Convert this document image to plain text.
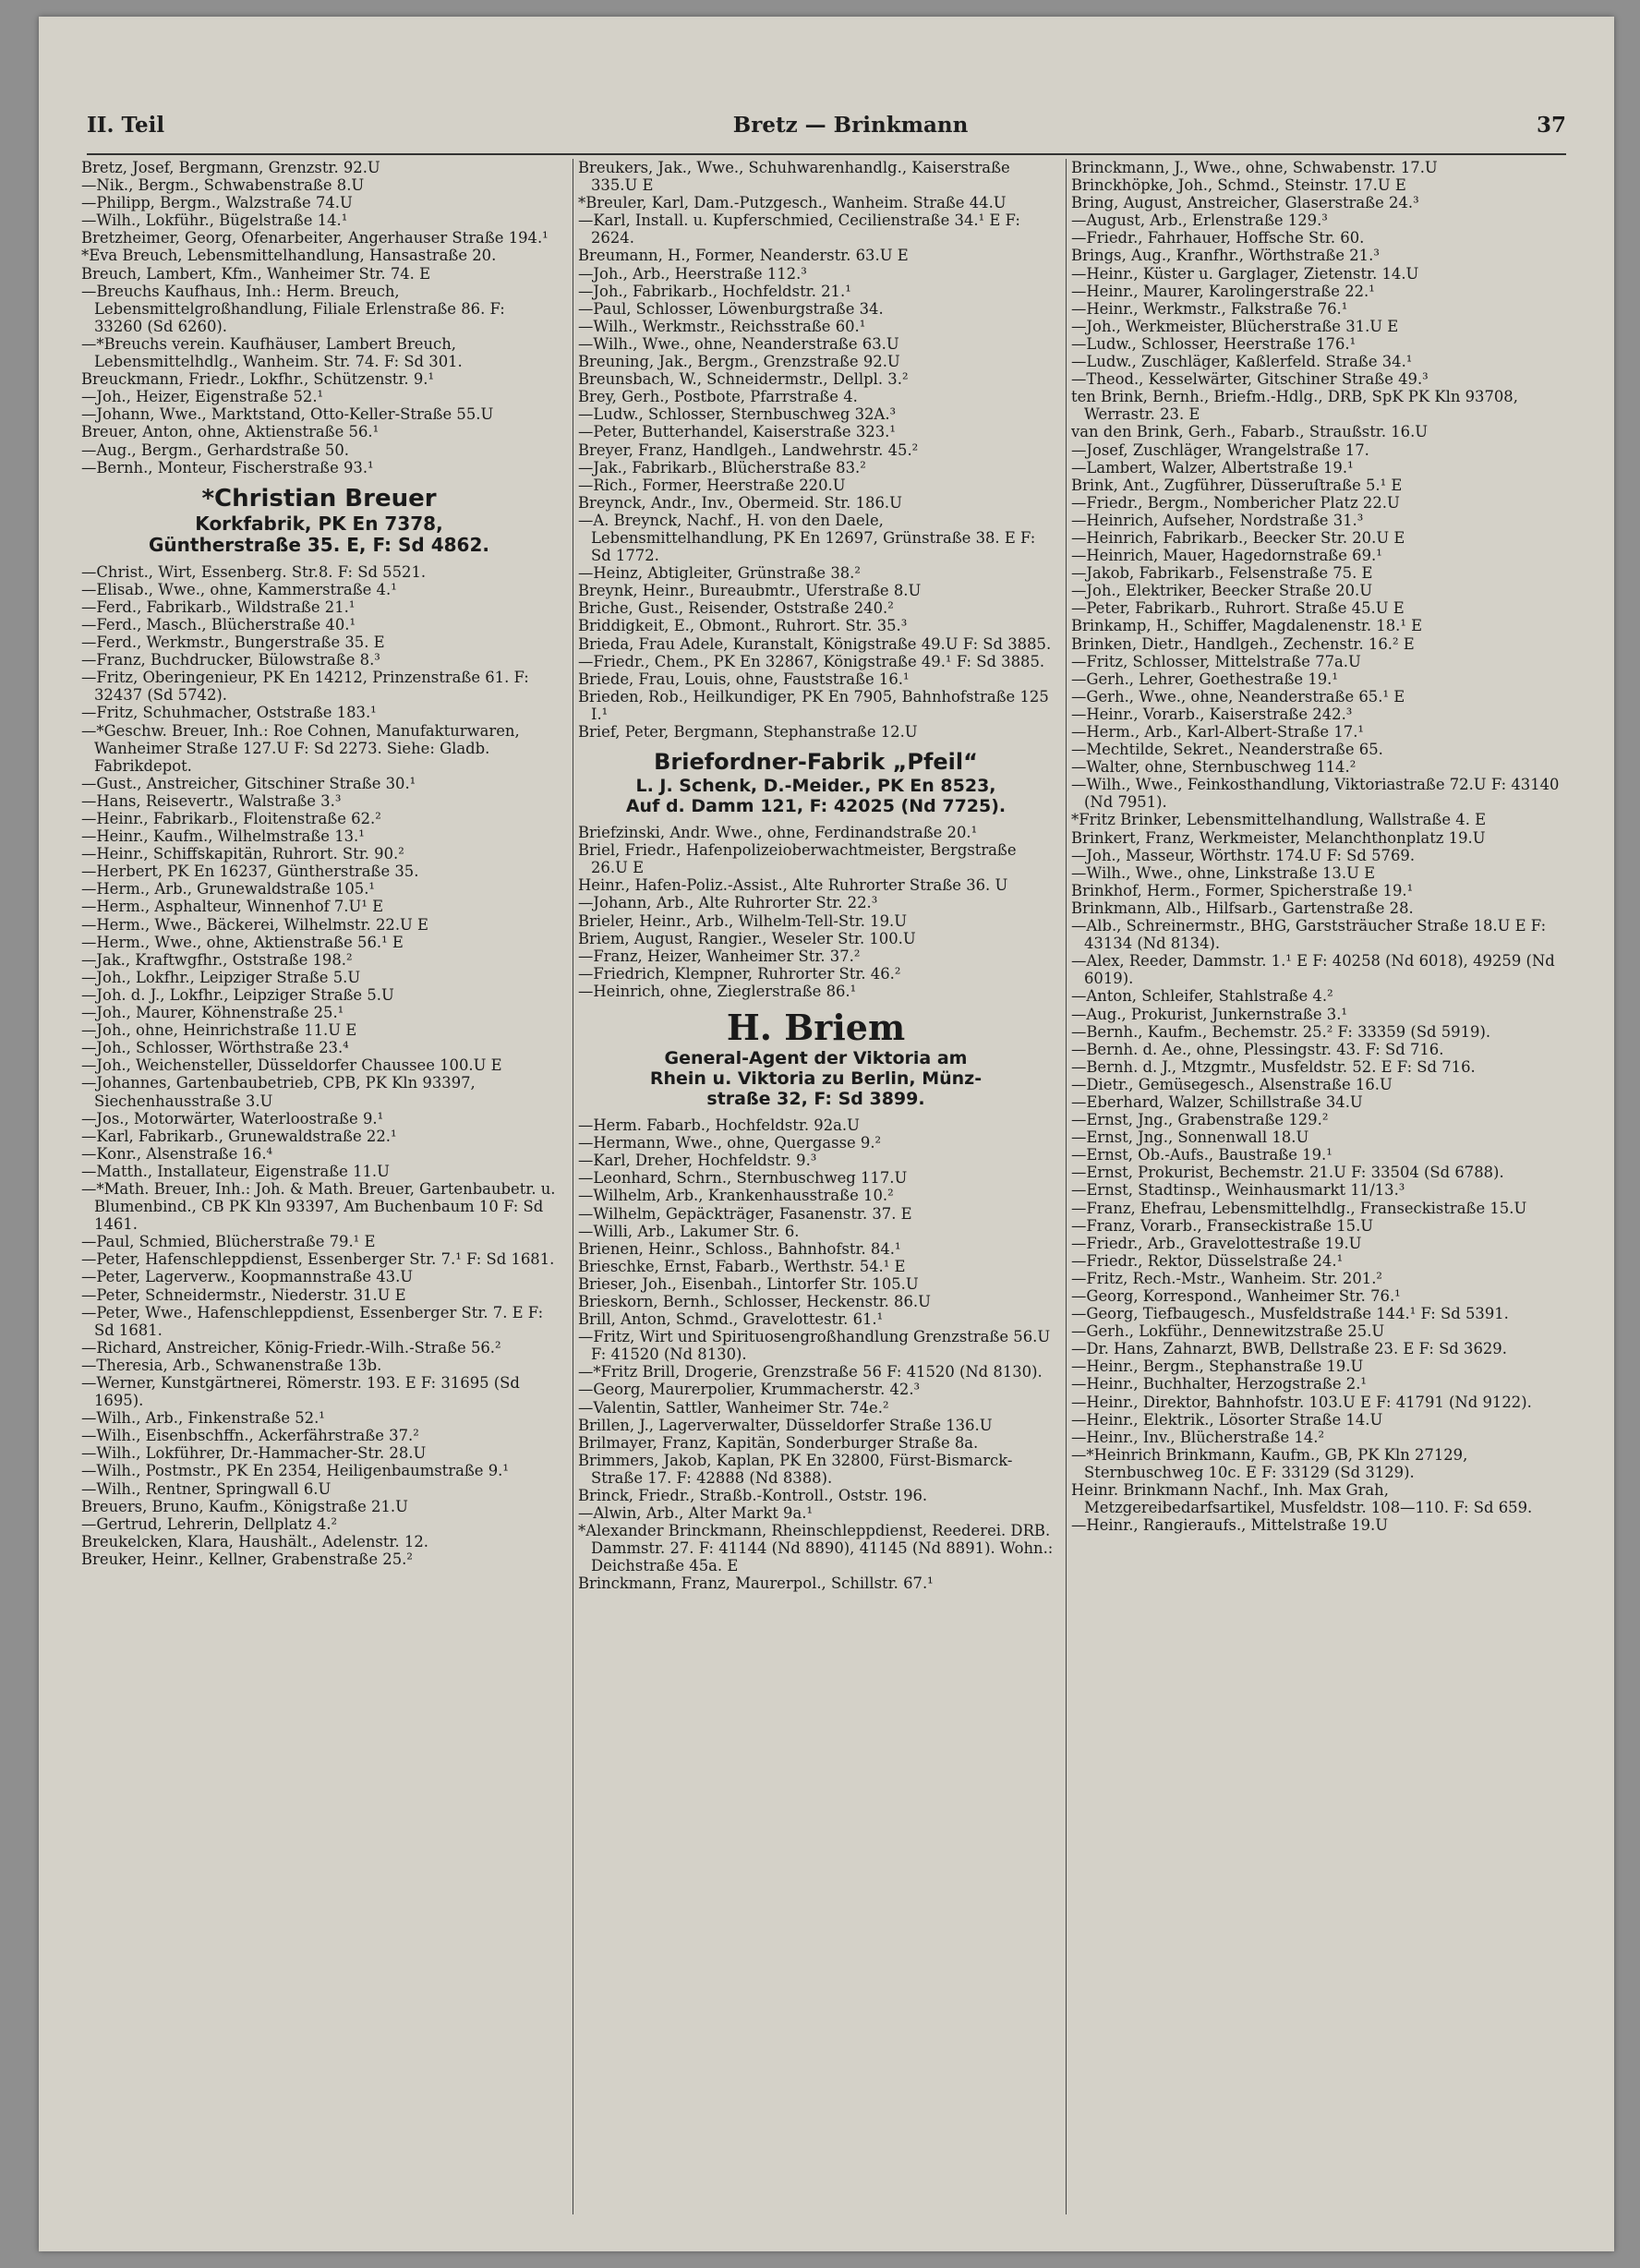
II. Teil	Bretz — Brinkmann	37

Bretz, Josef, Bergmann, Grenzstr. 92.U

—Nik., Bergm., Schwabenstraße 8.U

—Philipp, Bergm., Walzstraße 74.U

—Wilh., Lokführ., Bügelstraße 14.¹

Bretzheimer, Georg, Ofenarbeiter, Angerhauser Straße 194.¹

*Eva Breuch, Lebensmittelhandlung, Hansastraße 20.

Breuch, Lambert, Kfm., Wanheimer Str. 74. E

—Breuchs Kaufhaus, Inh.: Herm. Breuch, Lebensmittelgroßhandlung, Filiale Erlenstraße 86. F: 33260 (Sd 6260).

—*Breuchs verein. Kaufhäuser, Lambert Breuch, Lebensmittelhdlg., Wanheim. Str. 74. F: Sd 301.

Breuckmann, Friedr., Lokfhr., Schützenstr. 9.¹

—Joh., Heizer, Eigenstraße 52.¹

—Johann, Wwe., Marktstand, Otto-Keller-Straße 55.U

Breuer, Anton, ohne, Aktienstraße 56.¹

—Aug., Bergm., Gerhardstraße 50.

—Bernh., Monteur, Fischerstraße 93.¹

*Christian Breuer
Korkfabrik, PK En 7378,
Güntherstraße 35. E, F: Sd 4862.

—Christ., Wirt, Essenberg. Str.8. F: Sd 5521.

—Elisab., Wwe., ohne, Kammerstraße 4.¹

—Ferd., Fabrikarb., Wildstraße 21.¹

—Ferd., Masch., Blücherstraße 40.¹

—Ferd., Werkmstr., Bungerstraße 35. E

—Franz, Buchdrucker, Bülowstraße 8.³

—Fritz, Oberingenieur, PK En 14212, Prinzenstraße 61. F: 32437 (Sd 5742).

—Fritz, Schuhmacher, Oststraße 183.¹

—*Geschw. Breuer, Inh.: Roe Cohnen, Manufakturwaren, Wanheimer Straße 127.U F: Sd 2273. Siehe: Gladb. Fabrikdepot.

—Gust., Anstreicher, Gitschiner Straße 30.¹

—Hans, Reisevertr., Walstraße 3.³

—Heinr., Fabrikarb., Floitenstraße 62.²

—Heinr., Kaufm., Wilhelmstraße 13.¹

—Heinr., Schiffskapitän, Ruhrort. Str. 90.²

—Herbert, PK En 16237, Güntherstraße 35.

—Herm., Arb., Grunewaldstraße 105.¹

—Herm., Asphalteur, Winnenhof 7.U¹ E

—Herm., Wwe., Bäckerei, Wilhelmstr. 22.U E

—Herm., Wwe., ohne, Aktienstraße 56.¹ E

—Jak., Kraftwgfhr., Oststraße 198.²

—Joh., Lokfhr., Leipziger Straße 5.U

—Joh. d. J., Lokfhr., Leipziger Straße 5.U

—Joh., Maurer, Köhnenstraße 25.¹

—Joh., ohne, Heinrichstraße 11.U E

—Joh., Schlosser, Wörthstraße 23.⁴

—Joh., Weichensteller, Düsseldorfer Chaussee 100.U E

—Johannes, Gartenbaubetrieb, CPB, PK Kln 93397, Siechenhausstraße 3.U

—Jos., Motorwärter, Waterloostraße 9.¹

—Karl, Fabrikarb., Grunewaldstraße 22.¹

—Konr., Alsenstraße 16.⁴

—Matth., Installateur, Eigenstraße 11.U

—*Math. Breuer, Inh.: Joh. & Math. Breuer, Gartenbaubetr. u. Blumenbind., CB PK Kln 93397, Am Buchenbaum 10 F: Sd 1461.

—Paul, Schmied, Blücherstraße 79.¹ E

—Peter, Hafenschleppdienst, Essenberger Str. 7.¹ F: Sd 1681.

—Peter, Lagerverw., Koopmannstraße 43.U

—Peter, Schneidermstr., Niederstr. 31.U E

—Peter, Wwe., Hafenschleppdienst, Essenberger Str. 7. E F: Sd 1681.

—Richard, Anstreicher, König-Friedr.-Wilh.-Straße 56.²

—Theresia, Arb., Schwanenstraße 13b.

—Werner, Kunstgärtnerei, Römerstr. 193. E F: 31695 (Sd 1695).

—Wilh., Arb., Finkenstraße 52.¹

—Wilh., Eisenbschffn., Ackerfährstraße 37.²

—Wilh., Lokführer, Dr.-Hammacher-Str. 28.U

—Wilh., Postmstr., PK En 2354, Heiligenbaumstraße 9.¹

—Wilh., Rentner, Springwall 6.U

Breuers, Bruno, Kaufm., Königstraße 21.U

—Gertrud, Lehrerin, Dellplatz 4.²

Breukelcken, Klara, Haushält., Adelenstr. 12.

Breuker, Heinr., Kellner, Grabenstraße 25.²

Breukers, Jak., Wwe., Schuhwarenhandlg., Kaiserstraße 335.U E

*Breuler, Karl, Dam.-Putzgesch., Wanheim. Straße 44.U

—Karl, Install. u. Kupferschmied, Cecilienstraße 34.¹ E F: 2624.

Breumann, H., Former, Neanderstr. 63.U E

—Joh., Arb., Heerstraße 112.³

—Joh., Fabrikarb., Hochfeldstr. 21.¹

—Paul, Schlosser, Löwenburgstraße 34.

—Wilh., Werkmstr., Reichsstraße 60.¹

—Wilh., Wwe., ohne, Neanderstraße 63.U

Breuning, Jak., Bergm., Grenzstraße 92.U

Breunsbach, W., Schneidermstr., Dellpl. 3.²

Brey, Gerh., Postbote, Pfarrstraße 4.

—Ludw., Schlosser, Sternbuschweg 32A.³

—Peter, Butterhandel, Kaiserstraße 323.¹

Breyer, Franz, Handlgeh., Landwehrstr. 45.²

—Jak., Fabrikarb., Blücherstraße 83.²

—Rich., Former, Heerstraße 220.U

Breynck, Andr., Inv., Obermeid. Str. 186.U

—A. Breynck, Nachf., H. von den Daele, Lebensmittelhandlung, PK En 12697, Grünstraße 38. E F: Sd 1772.

—Heinz, Abtigleiter, Grünstraße 38.²

Breynk, Heinr., Bureaubmtr., Uferstraße 8.U

Briche, Gust., Reisender, Oststraße 240.²

Briddigkeit, E., Obmont., Ruhrort. Str. 35.³

Brieda, Frau Adele, Kuranstalt, Königstraße 49.U F: Sd 3885.

—Friedr., Chem., PK En 32867, Königstraße 49.¹ F: Sd 3885.

Briede, Frau, Louis, ohne, Fauststraße 16.¹

Brieden, Rob., Heilkundiger, PK En 7905, Bahnhofstraße 125 I.¹

Brief, Peter, Bergmann, Stephanstraße 12.U

Briefordner-Fabrik „Pfeil“
L. J. Schenk, D.-Meider., PK En 8523,
Auf d. Damm 121, F: 42025 (Nd 7725).

Briefzinski, Andr. Wwe., ohne, Ferdinandstraße 20.¹

Briel, Friedr., Hafenpolizeioberwachtmeister, Bergstraße 26.U E

Heinr., Hafen-Poliz.-Assist., Alte Ruhrorter Straße 36. U

—Johann, Arb., Alte Ruhrorter Str. 22.³

Brieler, Heinr., Arb., Wilhelm-Tell-Str. 19.U

Briem, August, Rangier., Weseler Str. 100.U

—Franz, Heizer, Wanheimer Str. 37.²

—Friedrich, Klempner, Ruhrorter Str. 46.²

—Heinrich, ohne, Zieglerstraße 86.¹

H. Briem
General-Agent der Viktoria am
Rhein u. Viktoria zu Berlin, Münz-
straße 32, F: Sd 3899.

—Herm. Fabarb., Hochfeldstr. 92a.U

—Hermann, Wwe., ohne, Quergasse 9.²

—Karl, Dreher, Hochfeldstr. 9.³

—Leonhard, Schrn., Sternbuschweg 117.U

—Wilhelm, Arb., Krankenhausstraße 10.²

—Wilhelm, Gepäckträger, Fasanenstr. 37. E

—Willi, Arb., Lakumer Str. 6.

Brienen, Heinr., Schloss., Bahnhofstr. 84.¹

Brieschke, Ernst, Fabarb., Werthstr. 54.¹ E

Brieser, Joh., Eisenbah., Lintorfer Str. 105.U

Brieskorn, Bernh., Schlosser, Heckenstr. 86.U

Brill, Anton, Schmd., Gravelottestr. 61.¹

—Fritz, Wirt und Spirituosengroßhandlung Grenzstraße 56.U F: 41520 (Nd 8130).

—*Fritz Brill, Drogerie, Grenzstraße 56 F: 41520 (Nd 8130).

—Georg, Maurerpolier, Krummacherstr. 42.³

—Valentin, Sattler, Wanheimer Str. 74e.²

Brillen, J., Lagerverwalter, Düsseldorfer Straße 136.U

Brilmayer, Franz, Kapitän, Sonderburger Straße 8a.

Brimmers, Jakob, Kaplan, PK En 32800, Fürst-Bismarck-Straße 17. F: 42888 (Nd 8388).

Brinck, Friedr., Straßb.-Kontroll., Oststr. 196.

—Alwin, Arb., Alter Markt 9a.¹

*Alexander Brinckmann, Rheinschleppdienst, Reederei. DRB. Dammstr. 27. F: 41144 (Nd 8890), 41145 (Nd 8891). Wohn.: Deichstraße 45a. E

Brinckmann, Franz, Maurerpol., Schillstr. 67.¹

Brinckmann, J., Wwe., ohne, Schwabenstr. 17.U

Brinckhöpke, Joh., Schmd., Steinstr. 17.U E

Bring, August, Anstreicher, Glaserstraße 24.³

—August, Arb., Erlenstraße 129.³

—Friedr., Fahrhauer, Hoffsche Str. 60.

Brings, Aug., Kranfhr., Wörthstraße 21.³

—Heinr., Küster u. Garglager, Zietenstr. 14.U

—Heinr., Maurer, Karolingerstraße 22.¹

—Heinr., Werkmstr., Falkstraße 76.¹

—Joh., Werkmeister, Blücherstraße 31.U E

—Ludw., Schlosser, Heerstraße 176.¹

—Ludw., Zuschläger, Kaßlerfeld. Straße 34.¹

—Theod., Kesselwärter, Gitschiner Straße 49.³

ten Brink, Bernh., Briefm.-Hdlg., DRB, SpK PK Kln 93708, Werrastr. 23. E

van den Brink, Gerh., Fabarb., Straußstr. 16.U

—Josef, Zuschläger, Wrangelstraße 17.

—Lambert, Walzer, Albertstraße 19.¹

Brink, Ant., Zugführer, Düsseruſtraße 5.¹ E

—Friedr., Bergm., Nombericher Platz 22.U

—Heinrich, Aufseher, Nordstraße 31.³

—Heinrich, Fabrikarb., Beecker Str. 20.U E

—Heinrich, Mauer, Hagedornstraße 69.¹

—Jakob, Fabrikarb., Felsenstraße 75. E

—Joh., Elektriker, Beecker Straße 20.U

—Peter, Fabrikarb., Ruhrort. Straße 45.U E

Brinkamp, H., Schiffer, Magdalenenstr. 18.¹ E

Brinken, Dietr., Handlgeh., Zechenstr. 16.² E

—Fritz, Schlosser, Mittelstraße 77a.U

—Gerh., Lehrer, Goethestraße 19.¹

—Gerh., Wwe., ohne, Neanderstraße 65.¹ E

—Heinr., Vorarb., Kaiserstraße 242.³

—Herm., Arb., Karl-Albert-Straße 17.¹

—Mechtilde, Sekret., Neanderstraße 65.

—Walter, ohne, Sternbuschweg 114.²

—Wilh., Wwe., Feinkosthandlung, Viktoriastraße 72.U F: 43140 (Nd 7951).

*Fritz Brinker, Lebensmittelhandlung, Wallstraße 4. E

Brinkert, Franz, Werkmeister, Melanchthonplatz 19.U

—Joh., Masseur, Wörthstr. 174.U F: Sd 5769.

—Wilh., Wwe., ohne, Linkstraße 13.U E

Brinkhof, Herm., Former, Spicherstraße 19.¹

Brinkmann, Alb., Hilfsarb., Gartenstraße 28.

—Alb., Schreinermstr., BHG, Garststräucher Straße 18.U E F: 43134 (Nd 8134).

—Alex, Reeder, Dammstr. 1.¹ E F: 40258 (Nd 6018), 49259 (Nd 6019).

—Anton, Schleifer, Stahlstraße 4.²

—Aug., Prokurist, Junkernstraße 3.¹

—Bernh., Kaufm., Bechemstr. 25.² F: 33359 (Sd 5919).

—Bernh. d. Ae., ohne, Plessingstr. 43. F: Sd 716.

—Bernh. d. J., Mtzgmtr., Musfeldstr. 52. E F: Sd 716.

—Dietr., Gemüsegesch., Alsenstraße 16.U

—Eberhard, Walzer, Schillstraße 34.U

—Ernst, Jng., Grabenstraße 129.²

—Ernst, Jng., Sonnenwall 18.U

—Ernst, Ob.-Aufs., Baustraße 19.¹

—Ernst, Prokurist, Bechemstr. 21.U F: 33504 (Sd 6788).

—Ernst, Stadtinsp., Weinhausmarkt 11/13.³

—Franz, Ehefrau, Lebensmittelhdlg., Franseckistraße 15.U

—Franz, Vorarb., Franseckistraße 15.U

—Friedr., Arb., Gravelottestraße 19.U

—Friedr., Rektor, Düsselstraße 24.¹

—Fritz, Rech.-Mstr., Wanheim. Str. 201.²

—Georg, Korrespond., Wanheimer Str. 76.¹

—Georg, Tiefbaugesch., Musfeldstraße 144.¹ F: Sd 5391.

—Gerh., Lokführ., Dennewitzstraße 25.U

—Dr. Hans, Zahnarzt, BWB, Dellstraße 23. E F: Sd 3629.

—Heinr., Bergm., Stephanstraße 19.U

—Heinr., Buchhalter, Herzogstraße 2.¹

—Heinr., Direktor, Bahnhofstr. 103.U E F: 41791 (Nd 9122).

—Heinr., Elektrik., Lösorter Straße 14.U

—Heinr., Inv., Blücherstraße 14.²

—*Heinrich Brinkmann, Kaufm., GB, PK Kln 27129, Sternbuschweg 10c. E F: 33129 (Sd 3129).

Heinr. Brinkmann Nachf., Inh. Max Grah, Metzgereibedarfsartikel, Musfeldstr. 108—110. F: Sd 659.

—Heinr., Rangieraufs., Mittelstraße 19.U
